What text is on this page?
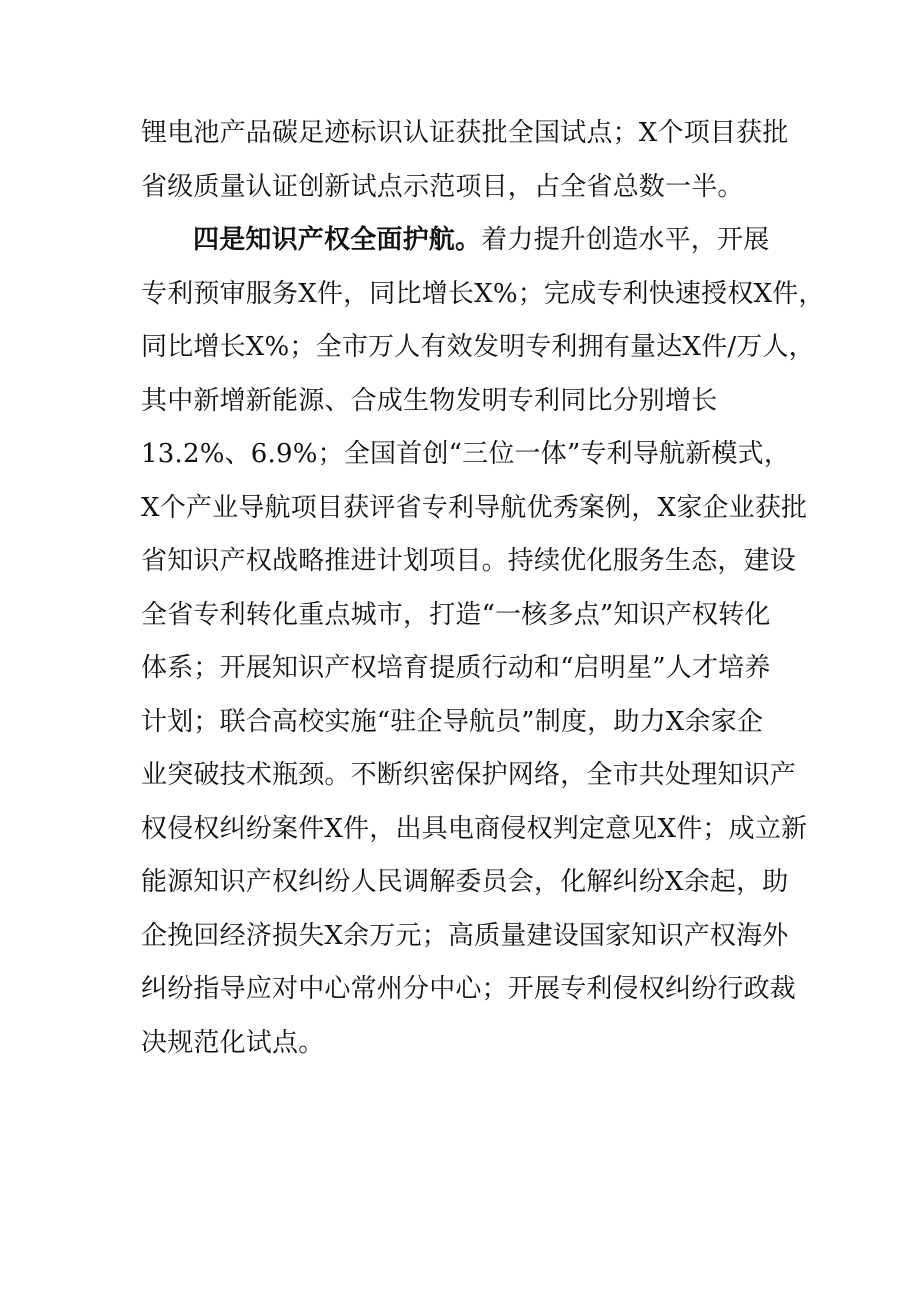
锂电池产品碳足迹标识认证获批全国试点；X个项目获批
省级质量认证创新试点示范项目，占全省总数一半。
四是知识产权全面护航。着力提升创造水平，开展
专利预审服务X件，同比增长X%；完成专利快速授权X件，
同比增长X%；全市万人有效发明专利拥有量达X件/万人，
其中新增新能源、合成生物发明专利同比分别增长
13.2%、6.9%；全国首创“三位一体”专利导航新模式，
X个产业导航项目获评省专利导航优秀案例，X家企业获批
省知识产权战略推进计划项目。持续优化服务生态，建设
全省专利转化重点城市，打造“一核多点”知识产权转化
体系；开展知识产权培育提质行动和“启明星”人才培养
计划；联合高校实施“驻企导航员”制度，助力X余家企
业突破技术瓶颈。不断织密保护网络，全市共处理知识产
权侵权纠纷案件X件，出具电商侵权判定意见X件；成立新
能源知识产权纠纷人民调解委员会，化解纠纷X余起，助
企挽回经济损失X余万元；高质量建设国家知识产权海外
纠纷指导应对中心常州分中心；开展专利侵权纠纷行政裁
决规范化试点。
